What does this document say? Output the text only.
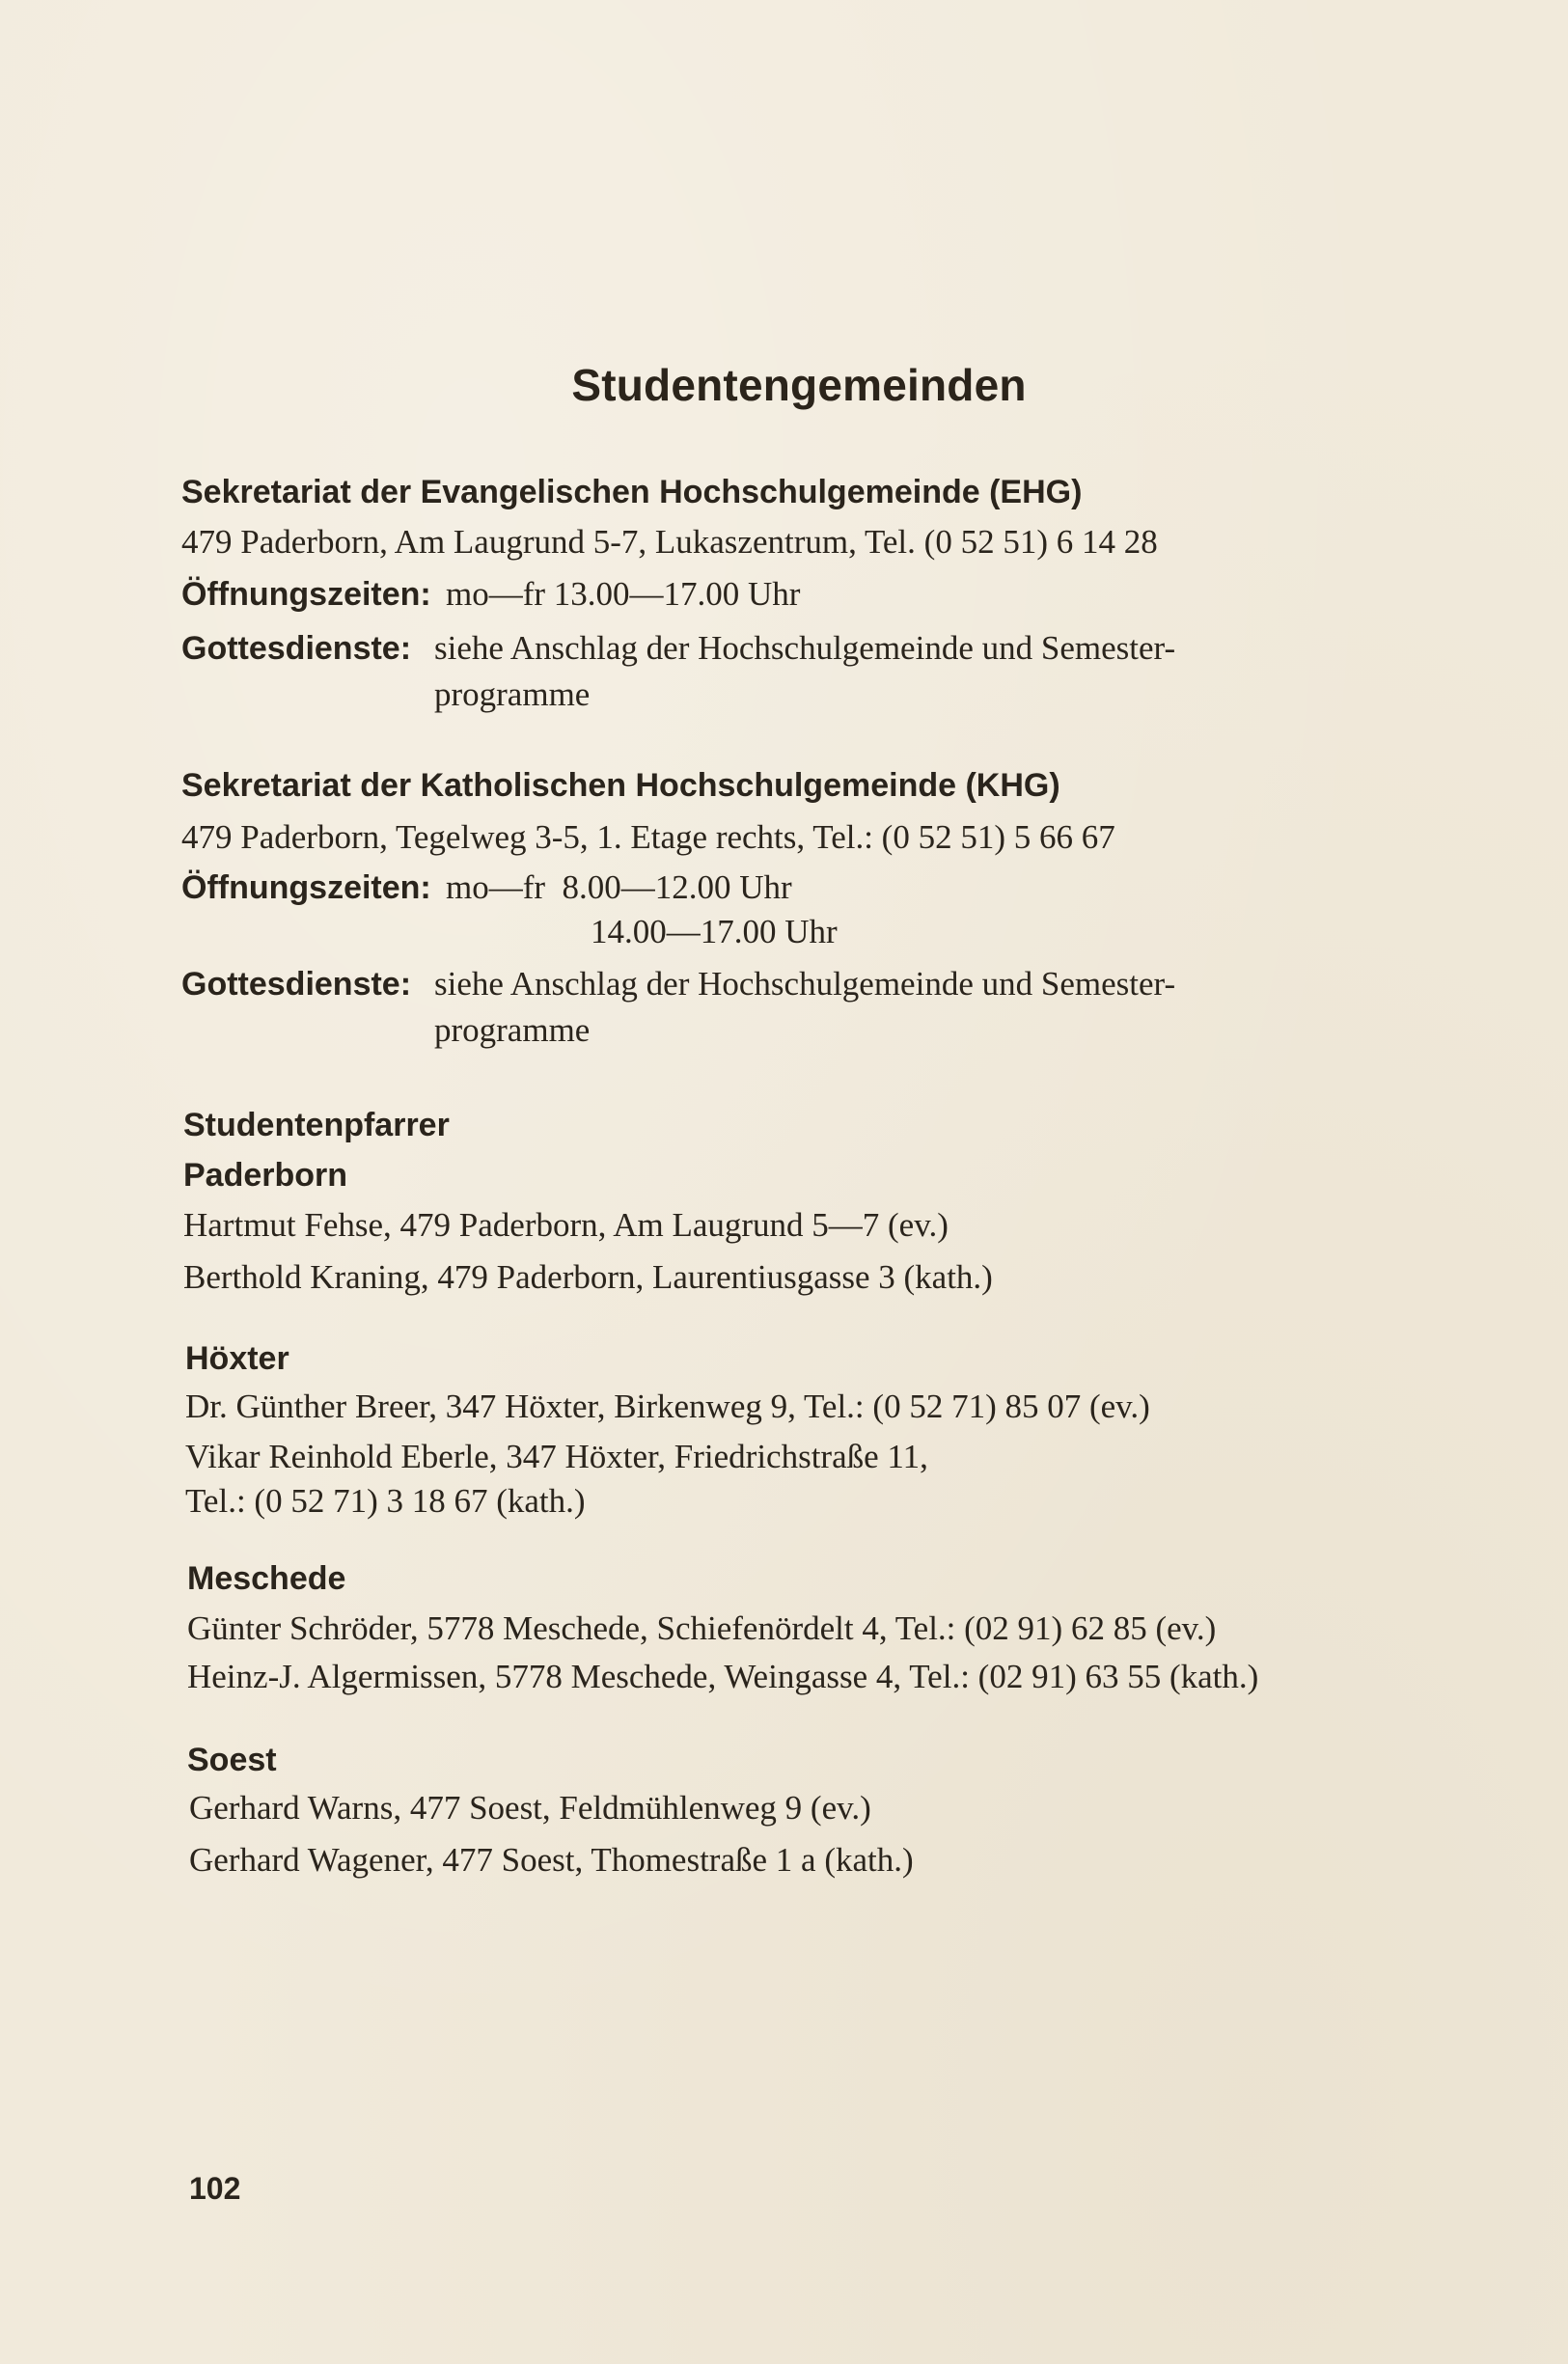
Studentengemeinden
Sekretariat der Evangelischen Hochschulgemeinde (EHG)
479 Paderborn, Am Laugrund 5-7, Lukaszentrum, Tel. (0 52 51) 6 14 28
Öffnungszeiten: mo—fr 13.00—17.00 Uhr
Gottesdienste: siehe Anschlag der Hochschulgemeinde und Semester-
programme
Sekretariat der Katholischen Hochschulgemeinde (KHG)
479 Paderborn, Tegelweg 3-5, 1. Etage rechts, Tel.: (0 52 51) 5 66 67
Öffnungszeiten: mo—fr  8.00—12.00 Uhr
14.00—17.00 Uhr
Gottesdienste: siehe Anschlag der Hochschulgemeinde und Semester-
programme
Studentenpfarrer
Paderborn
Hartmut Fehse, 479 Paderborn, Am Laugrund 5—7 (ev.)
Berthold Kraning, 479 Paderborn, Laurentiusgasse 3 (kath.)
Höxter
Dr. Günther Breer, 347 Höxter, Birkenweg 9, Tel.: (0 52 71) 85 07 (ev.)
Vikar Reinhold Eberle, 347 Höxter, Friedrichstraße 11,
Tel.: (0 52 71) 3 18 67 (kath.)
Meschede
Günter Schröder, 5778 Meschede, Schiefenördelt 4, Tel.: (02 91) 62 85 (ev.)
Heinz-J. Algermissen, 5778 Meschede, Weingasse 4, Tel.: (02 91) 63 55 (kath.)
Soest
Gerhard Warns, 477 Soest, Feldmühlenweg 9 (ev.)
Gerhard Wagener, 477 Soest, Thomestraße 1 a (kath.)
102
